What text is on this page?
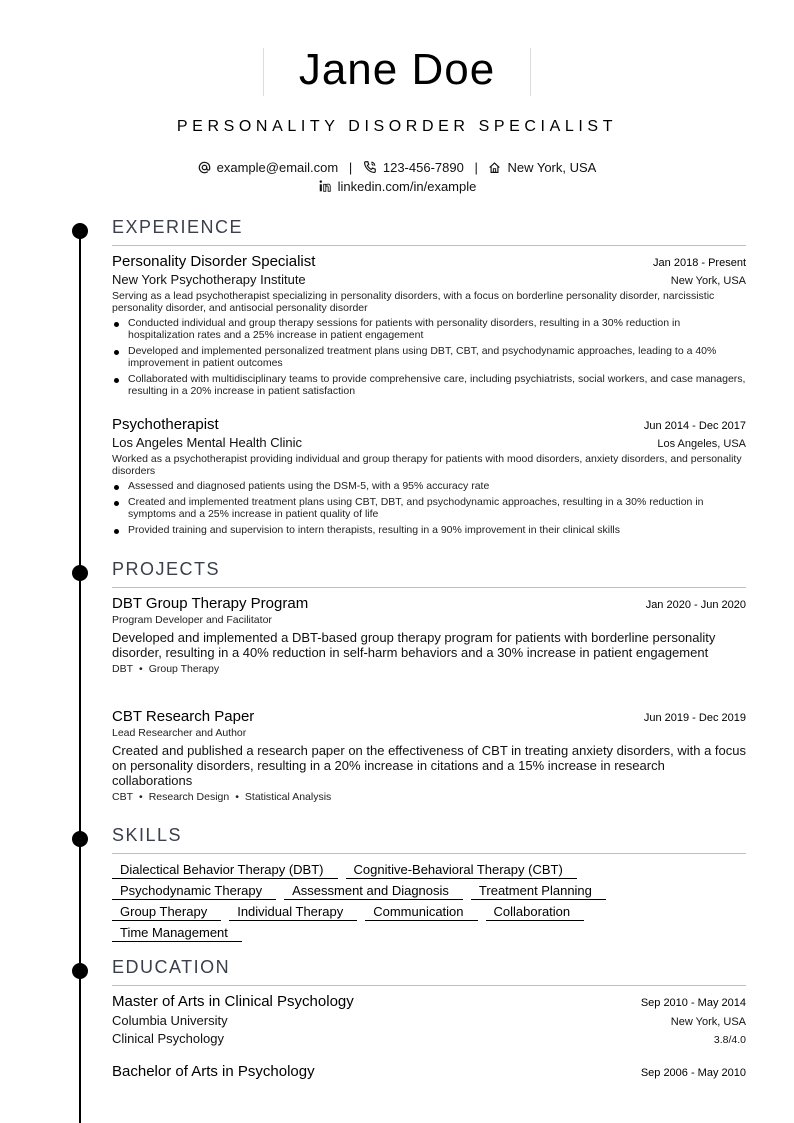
Jane Doe
PERSONALITY DISORDER SPECIALIST
example@email.com | 123-456-7890 | New York, USA
linkedin.com/in/example
EXPERIENCE
Personality Disorder Specialist	Jan 2018 - Present
New York Psychotherapy Institute	New York, USA
Serving as a lead psychotherapist specializing in personality disorders, with a focus on borderline personality disorder, narcissistic personality disorder, and antisocial personality disorder
Conducted individual and group therapy sessions for patients with personality disorders, resulting in a 30% reduction in hospitalization rates and a 25% increase in patient engagement
Developed and implemented personalized treatment plans using DBT, CBT, and psychodynamic approaches, leading to a 40% improvement in patient outcomes
Collaborated with multidisciplinary teams to provide comprehensive care, including psychiatrists, social workers, and case managers, resulting in a 20% increase in patient satisfaction
Psychotherapist	Jun 2014 - Dec 2017
Los Angeles Mental Health Clinic	Los Angeles, USA
Worked as a psychotherapist providing individual and group therapy for patients with mood disorders, anxiety disorders, and personality disorders
Assessed and diagnosed patients using the DSM-5, with a 95% accuracy rate
Created and implemented treatment plans using CBT, DBT, and psychodynamic approaches, resulting in a 30% reduction in symptoms and a 25% increase in patient quality of life
Provided training and supervision to intern therapists, resulting in a 90% improvement in their clinical skills
PROJECTS
DBT Group Therapy Program	Jan 2020 - Jun 2020
Program Developer and Facilitator
Developed and implemented a DBT-based group therapy program for patients with borderline personality disorder, resulting in a 40% reduction in self-harm behaviors and a 30% increase in patient engagement
DBT • Group Therapy
CBT Research Paper	Jun 2019 - Dec 2019
Lead Researcher and Author
Created and published a research paper on the effectiveness of CBT in treating anxiety disorders, with a focus on personality disorders, resulting in a 20% increase in citations and a 15% increase in research collaborations
CBT • Research Design • Statistical Analysis
SKILLS
Dialectical Behavior Therapy (DBT)	Cognitive-Behavioral Therapy (CBT)
Psychodynamic Therapy	Assessment and Diagnosis	Treatment Planning
Group Therapy	Individual Therapy	Communication	Collaboration
Time Management
EDUCATION
Master of Arts in Clinical Psychology	Sep 2010 - May 2014
Columbia University	New York, USA
Clinical Psychology	3.8/4.0
Bachelor of Arts in Psychology	Sep 2006 - May 2010
